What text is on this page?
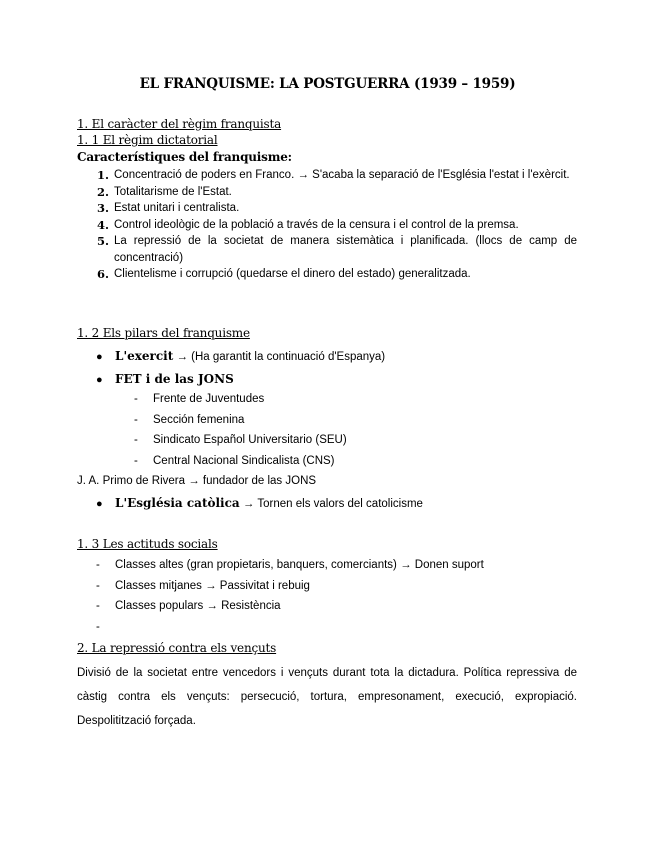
EL FRANQUISME: LA POSTGUERRA (1939 – 1959)
1. El caràcter del règim franquista
1. 1 El règim dictatorial
Característiques del franquisme:
1. Concentració de poders en Franco. → S'acaba la separació de l'Església l'estat i l'exèrcit.
2. Totalitarisme de l'Estat.
3. Estat unitari i centralista.
4. Control ideològic de la població a través de la censura i el control de la premsa.
5. La repressió de la societat de manera sistemàtica i planificada. (llocs de camp de concentració)
6. Clientelisme i corrupció (quedarse el dinero del estado) generalitzada.
1. 2 Els pilars del franquisme
● L'exercit → (Ha garantit la continuació d'Espanya)
● FET i de las JONS
- Frente de Juventudes
- Sección femenina
- Sindicato Español Universitario (SEU)
- Central Nacional Sindicalista (CNS)
J. A. Primo de Rivera → fundador de las JONS
● L'Església catòlica → Tornen els valors del catolicisme
1. 3 Les actituds socials
- Classes altes (gran propietaris, banquers, comerciants) → Donen suport
- Classes mitjanes → Passivitat i rebuig
- Classes populars → Resistència
-
2. La repressió contra els vençuts

Divisió de la societat entre vencedors i vençuts durant tota la dictadura. Política repressiva de càstig contra els vençuts: persecució, tortura, empresonament, execució, expropiació. Despolitització forçada.
